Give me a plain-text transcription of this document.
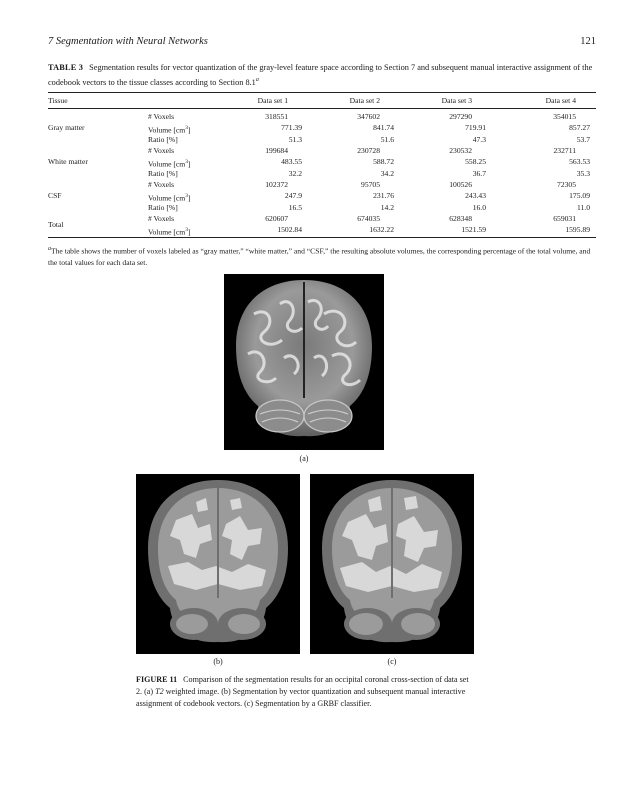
7 Segmentation with Neural Networks	121
TABLE 3 Segmentation results for vector quantization of the gray-level feature space according to Section 7 and subsequent manual interactive assignment of the codebook vectors to the tissue classes according to Section 8.1$^a$
Tissue	Data set 1	Data set 2	Data set 3	Data set 4
Gray matter
# Voxels	318551	347602	297290	354015
Volume $[cm^3]$	771.39	841.74	719.91	857.27
Ratio [%]	51.3	51.6	47.3	53.7
White matter
# Voxels	199684	230728	230532	232711
Volume $[cm^3]$	483.55	588.72	558.25	563.53
Ratio [%]	32.2	34.2	36.7	35.3
CSF
# Voxels	102372	95705	100526	72305
Volume $[cm^3]$	247.9	231.76	243.43	175.09
Ratio [%]	16.5	14.2	16.0	11.0
Total
# Voxels	620607	674035	628348	659031
Volume $[cm^3]$	1502.84	1632.22	1521.59	1595.89
$^a$The table shows the number of voxels labeled as “gray matter,” “white matter,” and “CSF,” the resulting absolute volumes, the corresponding percentage of the total volume, and the total values for each data set.
(a)
(b)	(c)
FIGURE 11 Comparison of the segmentation results for an occipital coronal cross-section of data set 2. (a) T2 weighted image. (b) Segmentation by vector quantization and subsequent manual interactive assignment of codebook vectors. (c) Segmentation by a GRBF classifier.
